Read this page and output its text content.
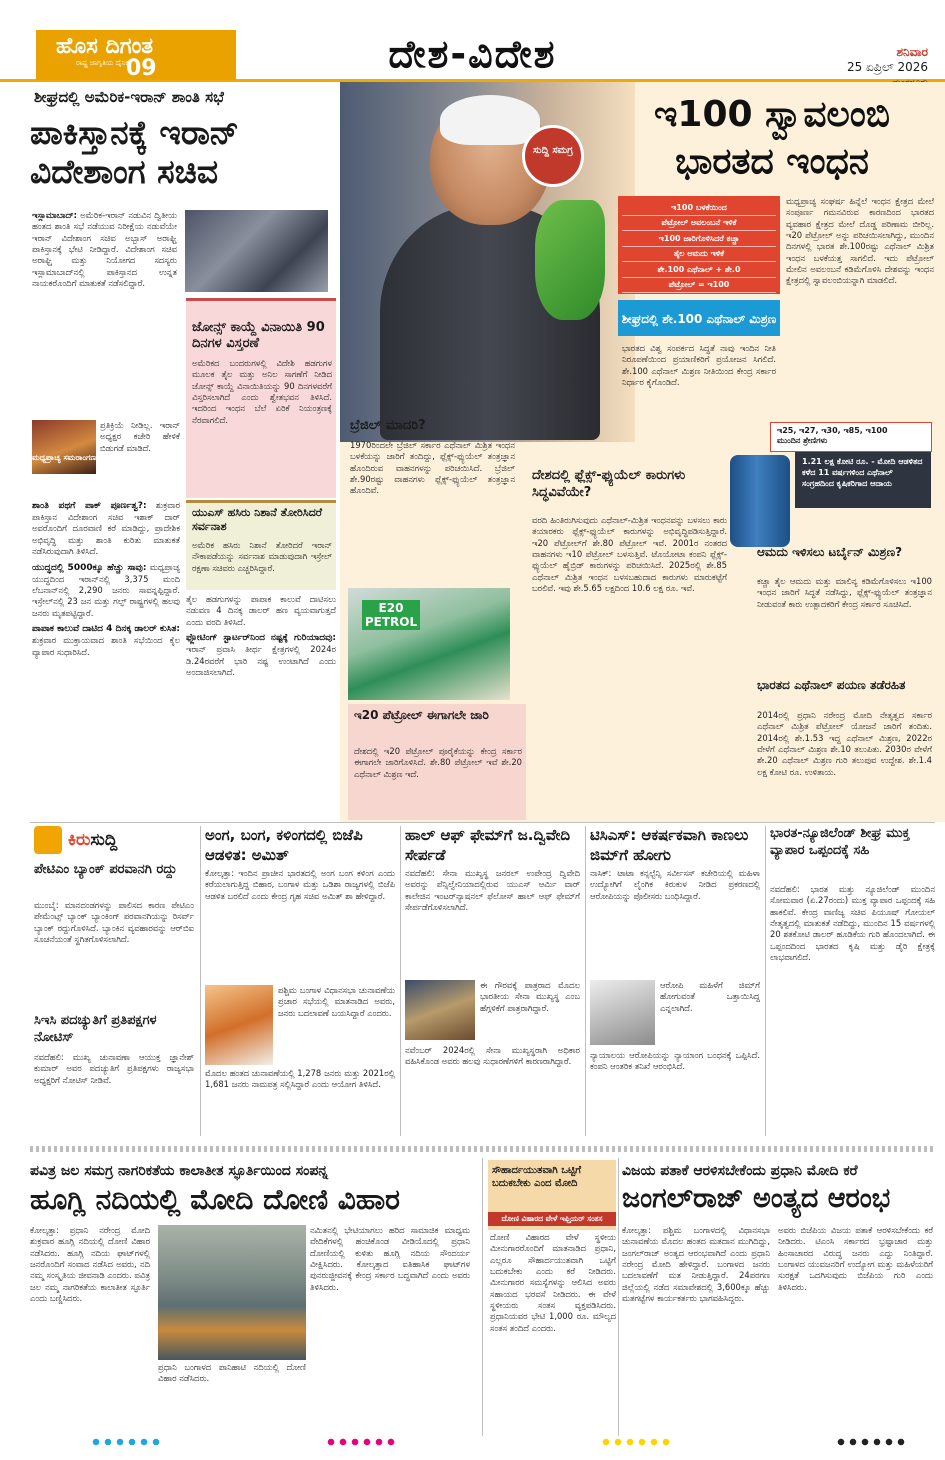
ಹೊಸ ದಿಗಂತ
ರಾಷ್ಟ್ರ ಜಾಗೃತಿಯ ದೈನಿಕ
09	ದೇಶ-ವಿದೇಶ	ಶನಿವಾರ
25 ಏಪ್ರಿಲ್ 2026
ಶೀಘ್ರದಲ್ಲಿ ಅಮೆರಿಕ-ಇರಾನ್ ಶಾಂತಿ ಸಭೆ
ಪಾಕಿಸ್ತಾನಕ್ಕೆ ಇರಾನ್
ವಿದೇಶಾಂಗ ಸಚಿವ

ಇಸ್ಲಾಮಾಬಾದ್: ಅಮೆರಿಕ-ಇರಾನ್ ನಡುವಿನ ದ್ವಿತೀಯ ಹಂತದ ಶಾಂತಿ ಸಭೆ ನಡೆಯುವ ನಿರೀಕ್ಷೆಯ ನಡುವೆಯೇ ಇರಾನ್ ವಿದೇಶಾಂಗ ಸಚಿವ ಅಬ್ಬಾಸ್ ಅರಾಘ್ಚಿ ಪಾಕಿಸ್ತಾನಕ್ಕೆ ಭೇಟಿ ನೀಡಿದ್ದಾರೆ. ವಿದೇಶಾಂಗ ಸಚಿವ ಅರಾಘ್ಚಿ ಮತ್ತು ನಿಯೋಗದ ಸದಸ್ಯರು ಇಸ್ಲಾಮಾಬಾದ್‌ನಲ್ಲಿ ಪಾಕಿಸ್ತಾನದ ಉನ್ನತ ನಾಯಕರೊಂದಿಗೆ ಮಾತುಕತೆ ನಡೆಸಲಿದ್ದಾರೆ.

ಮಧ್ಯಪ್ರಾಚ್ಯ ಸಮರಾಂಗಣ

ಪ್ರತಿಕ್ರಿಯೆ ನೀಡಿಲ್ಲ. ಇರಾನ್ ಅಧ್ಯಕ್ಷರ ಕಚೇರಿ ಹೇಳಿಕೆ ಬಿಡುಗಡೆ ಮಾಡಿದೆ.

ಶಾಂತಿ ಪಥಗೆ ಪಾಕ್ ಪೂರ್ಣತ್ವ?: ಶುಕ್ರವಾರ ಪಾಕಿಸ್ತಾನ ವಿದೇಶಾಂಗ ಸಚಿವ ಇಶಾಕ್ ದಾರ್ ಅವರೊಂದಿಗೆ ದೂರವಾಣಿ ಕರೆ ಮಾಡಿದ್ದು, ಪ್ರಾದೇಶಿಕ ಅಭಿವೃದ್ಧಿ ಮತ್ತು ಶಾಂತಿ ಕುರಿತು ಮಾತುಕತೆ ನಡೆಸಿರುವುದಾಗಿ ತಿಳಿಸಿದೆ.

ಯುದ್ಧದಲ್ಲಿ 5000ಕ್ಕೂ ಹೆಚ್ಚು ಸಾವು: ಮಧ್ಯಪ್ರಾಚ್ಯ ಯುದ್ಧದಿಂದ ಇರಾನ್‌ನಲ್ಲಿ 3,375 ಮಂದಿ ಲೆಬನಾನ್‌ನಲ್ಲಿ 2,290 ಜನರು ಸಾವನ್ನಪ್ಪಿದ್ದಾರೆ. ಇಸ್ರೇಲ್‌ನಲ್ಲಿ 23 ಜನ ಮತ್ತು ಗಲ್ಫ್ ರಾಷ್ಟ್ರಗಳಲ್ಲಿ ಹಲವು ಜನರು ಮೃತಪಟ್ಟಿದ್ದಾರೆ.

ಪಾಪಾಕ ಕಾಲುವೆ ದಾಟಿದ 4 ದಿನಕ್ಕ ಡಾಲರ್ ಕುಸಿತ: ಶುಕ್ರವಾರ ಮುಕ್ತಾಯವಾದ ಶಾಂತಿ ಸಭೆಯಿಂದ ಕೈಲ ವ್ಯಾಪಾರ ಸುಧಾರಿಸಿದೆ.

ಜೋನ್ಸ್ ಕಾಯ್ದೆ ವಿನಾಯಿತಿ 90 ದಿನಗಳ ವಿಸ್ತರಣೆ
ಅಮೆರಿಕದ ಬಂದರುಗಳಲ್ಲಿ ವಿದೇಶಿ ಹಡಗುಗಳ ಮೂಲಕ ತೈಲ ಮತ್ತು ಅನಿಲ ಸಾಗಣೆಗೆ ನೀಡಿದ ಜೋನ್ಸ್ ಕಾಯ್ದೆ ವಿನಾಯಿತಿಯನ್ನು 90 ದಿನಗಳವರೆಗೆ ವಿಸ್ತರಿಸಲಾಗಿದೆ ಎಂದು ಶ್ವೇತಭವನ ತಿಳಿಸಿದೆ. ಇದರಿಂದ ಇಂಧನ ಬೆಲೆ ಏರಿಕೆ ನಿಯಂತ್ರಣಕ್ಕೆ ನೆರವಾಗಲಿದೆ.
ಯುಎಸ್ ಹಸಿರು ನಿಶಾನೆ ತೋರಿಸಿದರೆ ಸರ್ವನಾಶ
ಅಮೆರಿಕ ಹಸಿರು ನಿಶಾನೆ ತೋರಿದರೆ ಇರಾನ್ ನೌಕಾಪಡೆಯನ್ನು ಸರ್ವನಾಶ ಮಾಡುವುದಾಗಿ ಇಸ್ರೇಲ್ ರಕ್ಷಣಾ ಸಚಿವರು ಎಚ್ಚರಿಸಿದ್ದಾರೆ.

ತೈಲ ಹಡಗುಗಳನ್ನು ಪಾಪಾಕ ಕಾಲುವೆ ದಾಟಿಸಲು ನಡುವಣ 4 ದಿನಕ್ಕ ಡಾಲರ್ ಹಣ ವ್ಯಯವಾಗುತ್ತದೆ ಎಂದು ವರದಿ ತಿಳಿಸಿದೆ.

ಫ್ಲೋಟಿಂಗ್ ಸ್ಟಾರ್ಟರ್‌ನಿಂದ ನಷ್ಟಕ್ಕೆ ಗುರಿಯಾದವು: ಇರಾನ್ ಪ್ರವಾಸಿ ತೀರ್ಥ ಕ್ಷೇತ್ರಗಳಲ್ಲಿ 2024ರ ಡಿ.24ರವರೆಗೆ ಭಾರಿ ನಷ್ಟ ಉಂಟಾಗಿದೆ ಎಂದು ಅಂದಾಜಿಸಲಾಗಿದೆ.

ಸುದ್ದಿ ಸಮಗ್ರ
ಇ100 ಸ್ವಾವಲಂಬಿ
ಭಾರತದ ಇಂಧನ
ಇ100 ಬಳಕೆಯಿಂದ
ಪೆಟ್ರೋಲ್ ಅವಲಂಬನೆ ಇಳಿಕೆ
ಇ100 ಜಾರಿಗೊಳಿಸಿದರೆ ಕಚ್ಚಾ
ತೈಲ ಆಮದು ಇಳಿಕೆ
ಶೇ.100 ಎಥೆನಾಲ್ + ಶೇ.0
ಪೆಟ್ರೋಲ್ = ಇ100
ಶೀಘ್ರದಲ್ಲಿ ಶೇ.100 ಎಥೆನಾಲ್ ಮಿಶ್ರಣ
ಭಾರತದ ವಿಶ್ವ ಸಂಪರ್ಕದ ಸಿದ್ಧತೆ ನಾವು ಇಂದಿನ ನೀತಿ ನಿರೂಪಣೆಯಿಂದ ಪ್ರಯಾಣಿಕರಿಗೆ ಪ್ರಯೋಜನ ಸಿಗಲಿದೆ. ಶೇ.100 ಎಥೆನಾಲ್ ಮಿಶ್ರಣ ನೀತಿಯಿಂದ ಕೇಂದ್ರ ಸರ್ಕಾರ ನಿರ್ಧಾರ ಕೈಗೊಂಡಿದೆ.
ಮಧ್ಯಪ್ರಾಚ್ಯ ಸಂಘರ್ಷ ಹಿನ್ನೆಲೆ ಇಂಧನ ಕ್ಷೇತ್ರದ ಮೇಲೆ ಸಂಪೂರ್ಣ ಗಮನವಿರುವ ಕಾರಣದಿಂದ ಭಾರತದ ವ್ಯವಹಾರ ಕ್ಷೇತ್ರದ ಮೇಲೆ ದೊಡ್ಡ ಪರಿಣಾಮ ಬೀರಿಲ್ಲ. ಇ20 ಪೆಟ್ರೋಲ್ ಅನ್ನು ಪರಿಚಯಿಸಲಾಗಿದ್ದು, ಮುಂದಿನ ದಿನಗಳಲ್ಲಿ ಭಾರತ ಶೇ.100ರಷ್ಟು ಎಥೆನಾಲ್ ಮಿಶ್ರಿತ ಇಂಧನ ಬಳಕೆಯತ್ತ ಸಾಗಲಿದೆ. ಇದು ಪೆಟ್ರೋಲ್ ಮೇಲಿನ ಅವಲಂಬನೆ ಕಡಿಮೆಗೊಳಿಸಿ ದೇಶವನ್ನು ಇಂಧನ ಕ್ಷೇತ್ರದಲ್ಲಿ ಸ್ವಾವಲಂಬಿಯನ್ನಾಗಿ ಮಾಡಲಿದೆ.
ಇ25, ಇ27, ಇ30, ಇ85, ಇ100
ಮುಂದಿನ ಶ್ರೇಣಿಗಳು
1.21 ಲಕ್ಷ ಕೋಟಿ ರೂ. - ಮೋದಿ ಆಡಳಿತದ ಕಳೆದ 11 ವರ್ಷಗಳಿಂದ ಎಥೆನಾಲ್ ಸಂಗ್ರಹದಿಂದ ಕೃಷಿಕರಿಗಾದ ಆದಾಯ
ಬ್ರೆಜಿಲ್ ಮಾದರಿ?
1970ರಿಂದಲೇ ಬ್ರೆಜಿಲ್ ಸರ್ಕಾರ ಎಥೆನಾಲ್ ಮಿಶ್ರಿತ ಇಂಧನ ಬಳಕೆಯನ್ನು ಜಾರಿಗೆ ತಂದಿದ್ದು, ಫ್ಲೆಕ್ಸ್-ಫ್ಯುಯೆಲ್ ತಂತ್ರಜ್ಞಾನ ಹೊಂದಿರುವ ವಾಹನಗಳನ್ನು ಪರಿಚಯಿಸಿದೆ. ಬ್ರೆಜಿಲ್ ಶೇ.90ರಷ್ಟು ವಾಹನಗಳು ಫ್ಲೆಕ್ಸ್-ಫ್ಯುಯೆಲ್ ತಂತ್ರಜ್ಞಾನ ಹೊಂದಿವೆ.
ದೇಶದಲ್ಲಿ ಫ್ಲೆಕ್ಸ್-ಫ್ಯುಯೆಲ್ ಕಾರುಗಳು ಸಿದ್ಧವಿವೆಯೇ?
ವರದಿ ಹಿಂತಿರುಗಿಸುವುದು ಎಥೆನಾಲ್-ಮಿಶ್ರಿತ ಇಂಧನವನ್ನು ಬಳಸಲು ಕಾರು ತಯಾರಕರು ಫ್ಲೆಕ್ಸ್-ಫ್ಯುಯೆಲ್ ಕಾರುಗಳನ್ನು ಅಭಿವೃದ್ಧಿಪಡಿಸುತ್ತಿದ್ದಾರೆ. ಇ20 ಪೆಟ್ರೋಲ್‌ಗೆ ಶೇ.80 ಪೆಟ್ರೋಲ್ ಇವೆ. 2001ರ ನಂತರದ ವಾಹನಗಳು ಇ10 ಪೆಟ್ರೋಲ್ ಬಳಸುತ್ತಿವೆ. ಟೊಯೋಟಾ ಕಂಪನಿ ಫ್ಲೆಕ್ಸ್-ಫ್ಯುಯೆಲ್ ಹೈಬ್ರಿಡ್ ಕಾರುಗಳನ್ನು ಪರಿಚಯಿಸಿದೆ. 2025ರಲ್ಲಿ ಶೇ.85 ಎಥೆನಾಲ್ ಮಿಶ್ರಿತ ಇಂಧನ ಬಳಸಬಹುದಾದ ಕಾರುಗಳು ಮಾರುಕಟ್ಟೆಗೆ ಬರಲಿವೆ. ಇವು ಶೇ.5.65 ಲಕ್ಷದಿಂದ 10.6 ಲಕ್ಷ ರೂ. ಇವೆ.
E20 PETROL
ಇ20 ಪೆಟ್ರೋಲ್ ಈಗಾಗಲೇ ಜಾರಿ
ದೇಶದಲ್ಲಿ ಇ20 ಪೆಟ್ರೋಲ್ ಪೂರೈಕೆಯನ್ನು ಕೇಂದ್ರ ಸರ್ಕಾರ ಈಗಾಗಲೇ ಜಾರಿಗೊಳಿಸಿದೆ. ಶೇ.80 ಪೆಟ್ರೋಲ್ ಇವೆ ಶೇ.20 ಎಥೆನಾಲ್ ಮಿಶ್ರಣ ಇದೆ.
ಆಮದು ಇಳಿಸಲು ಟರ್ಬೈನ್ ಮಿಶ್ರಣ?
ಕಚ್ಚಾ ತೈಲ ಆಮದು ಮತ್ತು ಮಾಲಿನ್ಯ ಕಡಿಮೆಗೊಳಿಸಲು ಇ100 ಇಂಧನ ಜಾರಿಗೆ ಸಿದ್ಧತೆ ನಡೆಸಿದ್ದು, ಫ್ಲೆಕ್ಸ್-ಫ್ಯುಯೆಲ್ ತಂತ್ರಜ್ಞಾನ ನೀಡುವಂತೆ ಕಾರು ಉತ್ಪಾದಕರಿಗೆ ಕೇಂದ್ರ ಸರ್ಕಾರ ಸೂಚಿಸಿದೆ.
ಭಾರತದ ಎಥೆನಾಲ್ ಪಯಣ ತಡೆರಹಿತ
2014ರಲ್ಲಿ ಪ್ರಧಾನಿ ನರೇಂದ್ರ ಮೋದಿ ನೇತೃತ್ವದ ಸರ್ಕಾರ ಎಥೆನಾಲ್ ಮಿಶ್ರಿತ ಪೆಟ್ರೋಲ್ ಯೋಜನೆ ಜಾರಿಗೆ ತಂದಿತು. 2014ರಲ್ಲಿ ಶೇ.1.53 ಇದ್ದ ಎಥೆನಾಲ್ ಮಿಶ್ರಣ, 2022ರ ವೇಳೆಗೆ ಎಥೆನಾಲ್ ಮಿಶ್ರಣ ಶೇ.10 ತಲುಪಿತು. 2030ರ ವೇಳೆಗೆ ಶೇ.20 ಎಥೆನಾಲ್ ಮಿಶ್ರಣ ಗುರಿ ತಲುಪುವ ಉದ್ದೇಶ. ಶೇ.1.4 ಲಕ್ಷ ಕೋಟಿ ರೂ. ಉಳಿತಾಯ.
ಕಿರುಸುದ್ದಿ
ಪೇಟಿಎಂ ಬ್ಯಾಂಕ್ ಪರವಾನಗಿ ರದ್ದು
ಮುಂಬೈ: ಮಾನದಂಡಗಳನ್ನು ಪಾಲಿಸದ ಕಾರಣ ಪೇಟಿಎಂ ಪೇಮೆಂಟ್ಸ್ ಬ್ಯಾಂಕ್ ಬ್ಯಾಂಕಿಂಗ್ ಪರವಾನಗಿಯನ್ನು ರಿಸರ್ವ್ ಬ್ಯಾಂಕ್ ರದ್ದುಗೊಳಿಸಿದೆ. ಬ್ಯಾಂಕಿನ ವ್ಯವಹಾರವನ್ನು ಆರ್‌ಬಿಐ ಸೂಚನೆಯಂತೆ ಸ್ಥಗಿತಗೊಳಿಸಲಾಗಿದೆ.
ಸಿಇಸಿ ಪದಚ್ಯುತಿಗೆ ಪ್ರತಿಪಕ್ಷಗಳ ನೋಟಿಸ್
ನವದೆಹಲಿ: ಮುಖ್ಯ ಚುನಾವಣಾ ಆಯುಕ್ತ ಜ್ಞಾನೇಶ್ ಕುಮಾರ್ ಅವರ ಪದಚ್ಯುತಿಗೆ ಪ್ರತಿಪಕ್ಷಗಳು ರಾಜ್ಯಸಭಾ ಅಧ್ಯಕ್ಷರಿಗೆ ನೋಟಿಸ್ ನೀಡಿವೆ.
ಅಂಗ, ಬಂಗ, ಕಳಿಂಗದಲ್ಲಿ ಬಿಜೆಪಿ ಆಡಳಿತ: ಅಮಿತ್
ಕೋಲ್ಕತ್ತಾ: ಇಂದಿನ ಪ್ರಾಚೀನ ಭಾರತದಲ್ಲಿ ಅಂಗ ಬಂಗ ಕಳಿಂಗ ಎಂದು ಕರೆಯಲಾಗುತ್ತಿದ್ದ ಬಿಹಾರ, ಬಂಗಾಳ ಮತ್ತು ಒಡಿಶಾ ರಾಜ್ಯಗಳಲ್ಲಿ ಬಿಜೆಪಿ ಆಡಳಿತ ಬರಲಿದೆ ಎಂದು ಕೇಂದ್ರ ಗೃಹ ಸಚಿವ ಅಮಿತ್ ಶಾ ಹೇಳಿದ್ದಾರೆ.
ಪಶ್ಚಿಮ ಬಂಗಾಳ ವಿಧಾನಸಭಾ ಚುನಾವಣೆಯ ಪ್ರಚಾರ ಸಭೆಯಲ್ಲಿ ಮಾತನಾಡಿದ ಅವರು, ಜನರು ಬದಲಾವಣೆ ಬಯಸಿದ್ದಾರೆ ಎಂದರು.
ಮೊದಲ ಹಂತದ ಚುನಾವಣೆಯಲ್ಲಿ 1,278 ಜನರು ಮತ್ತು 2021ರಲ್ಲಿ 1,681 ಜನರು ನಾಮಪತ್ರ ಸಲ್ಲಿಸಿದ್ದಾರೆ ಎಂದು ಆಯೋಗ ತಿಳಿಸಿದೆ.
ಹಾಲ್ ಆಫ್ ಫೇಮ್‌ಗೆ ಜ.ದ್ವಿವೇದಿ ಸೇರ್ಪಡೆ
ನವದೆಹಲಿ: ಸೇನಾ ಮುಖ್ಯಸ್ಥ ಜನರಲ್ ಉಪೇಂದ್ರ ದ್ವಿವೇದಿ ಅವರನ್ನು ಪೆನ್ಸಿಲ್ವೇನಿಯಾದಲ್ಲಿರುವ ಯುಎಸ್ ಆರ್ಮಿ ವಾರ್ ಕಾಲೇಜಿನ ಇಂಟರ್‌ನ್ಯಾಷನಲ್ ಫೆಲೋಸ್ ಹಾಲ್ ಆಫ್ ಫೇಮ್‌ಗೆ ಸೇರ್ಪಡೆಗೊಳಿಸಲಾಗಿದೆ.
ಈ ಗೌರವಕ್ಕೆ ಪಾತ್ರರಾದ ಮೊದಲ ಭಾರತೀಯ ಸೇನಾ ಮುಖ್ಯಸ್ಥ ಎಂಬ ಹೆಗ್ಗಳಿಕೆಗೆ ಪಾತ್ರರಾಗಿದ್ದಾರೆ.
ನವೆಂಬರ್ 2024ರಲ್ಲಿ ಸೇನಾ ಮುಖ್ಯಸ್ಥರಾಗಿ ಅಧಿಕಾರ ವಹಿಸಿಕೊಂಡ ಅವರು ಹಲವು ಸುಧಾರಣೆಗಳಿಗೆ ಕಾರಣರಾಗಿದ್ದಾರೆ.
ಟಿಸಿಎಸ್: ಆಕರ್ಷಕವಾಗಿ ಕಾಣಲು ಜಿಮ್‌ಗೆ ಹೋಗು
ನಾಸಿಕ್: ಟಾಟಾ ಕನ್ಸಲ್ಟೆನ್ಸಿ ಸರ್ವೀಸಸ್ ಕಚೇರಿಯಲ್ಲಿ ಮಹಿಳಾ ಉದ್ಯೋಗಿಗೆ ಲೈಂಗಿಕ ಕಿರುಕುಳ ನೀಡಿದ ಪ್ರಕರಣದಲ್ಲಿ ಆರೋಪಿಯನ್ನು ಪೊಲೀಸರು ಬಂಧಿಸಿದ್ದಾರೆ.
ಆರೋಪಿ ಮಹಿಳೆಗೆ ಜಿಮ್‌ಗೆ ಹೋಗುವಂತೆ ಒತ್ತಾಯಿಸಿದ್ದ ಎನ್ನಲಾಗಿದೆ.
ನ್ಯಾಯಾಲಯ ಆರೋಪಿಯನ್ನು ನ್ಯಾಯಾಂಗ ಬಂಧನಕ್ಕೆ ಒಪ್ಪಿಸಿದೆ. ಕಂಪನಿ ಆಂತರಿಕ ತನಿಖೆ ಆರಂಭಿಸಿದೆ.
ಭಾರತ-ನ್ಯೂಜಿಲೆಂಡ್ ಶೀಘ್ರ ಮುಕ್ತ ವ್ಯಾಪಾರ ಒಪ್ಪಂದಕ್ಕೆ ಸಹಿ
ನವದೆಹಲಿ: ಭಾರತ ಮತ್ತು ನ್ಯೂಜಿಲೆಂಡ್ ಮುಂದಿನ ಸೋಮವಾರ (ಏ.27ರಂದು) ಮುಕ್ತ ವ್ಯಾಪಾರ ಒಪ್ಪಂದಕ್ಕೆ ಸಹಿ ಹಾಕಲಿವೆ. ಕೇಂದ್ರ ವಾಣಿಜ್ಯ ಸಚಿವ ಪಿಯೂಷ್ ಗೋಯಲ್ ನೇತೃತ್ವದಲ್ಲಿ ಮಾತುಕತೆ ನಡೆದಿದ್ದು, ಮುಂದಿನ 15 ವರ್ಷಗಳಲ್ಲಿ 20 ಶತಕೋಟಿ ಡಾಲರ್ ಹೂಡಿಕೆಯ ಗುರಿ ಹೊಂದಲಾಗಿದೆ. ಈ ಒಪ್ಪಂದದಿಂದ ಭಾರತದ ಕೃಷಿ ಮತ್ತು ಡೈರಿ ಕ್ಷೇತ್ರಕ್ಕೆ ಲಾಭವಾಗಲಿದೆ.
ಪವಿತ್ರ ಜಲ ಸಮಗ್ರ ನಾಗರಿಕತೆಯ ಕಾಲಾತೀತ ಸ್ಫೂರ್ತಿಯಿಂದ ಸಂಪನ್ನ
ಹೂಗ್ಲಿ ನದಿಯಲ್ಲಿ ಮೋದಿ ದೋಣಿ ವಿಹಾರ
ಕೋಲ್ಕತ್ತಾ: ಪ್ರಧಾನಿ ನರೇಂದ್ರ ಮೋದಿ ಶುಕ್ರವಾರ ಹೂಗ್ಲಿ ನದಿಯಲ್ಲಿ ದೋಣಿ ವಿಹಾರ ನಡೆಸಿದರು. ಹೂಗ್ಲಿ ನದಿಯ ಘಾಟ್‌ಗಳಲ್ಲಿ ಜನರೊಂದಿಗೆ ಸಂವಾದ ನಡೆಸಿದ ಅವರು, ನದಿ ನಮ್ಮ ಸಂಸ್ಕೃತಿಯ ಜೀವನಾಡಿ ಎಂದರು. ಪವಿತ್ರ ಜಲ ನಮ್ಮ ನಾಗರಿಕತೆಯ ಕಾಲಾತೀತ ಸ್ಫೂರ್ತಿ ಎಂದು ಬಣ್ಣಿಸಿದರು.
ಪ್ರಧಾನಿ ಬಂಗಾಳದ ಪಾನಿಹಾಟಿ ನದಿಯಲ್ಲಿ ದೋಣಿ ವಿಹಾರ ನಡೆಸಿದರು.
ನಮಿತನಲ್ಲಿ ಭೇಟಿಯಾಗಲು ಹರಿದ ಸಾಮಾಜಿಕ ಮಾಧ್ಯಮ ವೇದಿಕೆಗಳಲ್ಲಿ ಹಂಚಿಕೊಂಡ ವೀಡಿಯೊದಲ್ಲಿ ಪ್ರಧಾನಿ ದೋಣಿಯಲ್ಲಿ ಕುಳಿತು ಹೂಗ್ಲಿ ನದಿಯ ಸೌಂದರ್ಯ ವೀಕ್ಷಿಸಿದರು. ಕೋಲ್ಕತ್ತಾದ ಐತಿಹಾಸಿಕ ಘಾಟ್‌ಗಳ ಪುನರುಜ್ಜೀವನಕ್ಕೆ ಕೇಂದ್ರ ಸರ್ಕಾರ ಬದ್ಧವಾಗಿದೆ ಎಂದು ಅವರು ತಿಳಿಸಿದರು.
ಸೌಹಾರ್ದಯುತವಾಗಿ ಒಟ್ಟಿಗೆ ಬದುಕಬೇಕು ಎಂದ ಮೋದಿ
ದೋಣಿ ವಿಹಾರದ ವೇಳೆ ಇಫ್ತಿಯರ್ ಸಂತಸ
ದೋಣಿ ವಿಹಾರದ ವೇಳೆ ಸ್ಥಳೀಯ ಮೀನುಗಾರರೊಂದಿಗೆ ಮಾತನಾಡಿದ ಪ್ರಧಾನಿ, ಎಲ್ಲರೂ ಸೌಹಾರ್ದಯುತವಾಗಿ ಒಟ್ಟಿಗೆ ಬದುಕಬೇಕು ಎಂದು ಕರೆ ನೀಡಿದರು. ಮೀನುಗಾರರ ಸಮಸ್ಯೆಗಳನ್ನು ಆಲಿಸಿದ ಅವರು ಸಹಾಯದ ಭರವಸೆ ನೀಡಿದರು. ಈ ವೇಳೆ ಸ್ಥಳೀಯರು ಸಂತಸ ವ್ಯಕ್ತಪಡಿಸಿದರು. ಪ್ರಧಾನಿಯವರ ಭೇಟಿ 1,000 ರೂ. ಮೌಲ್ಯದ ಸಂತಸ ತಂದಿದೆ ಎಂದರು.
ವಿಜಯ ಪತಾಕೆ ಆರಳಿಸಬೇಕೆಂದು ಪ್ರಧಾನಿ ಮೋದಿ ಕರೆ
ಜಂಗಲ್‌ರಾಜ್ ಅಂತ್ಯದ ಆರಂಭ
ಕೋಲ್ಕತ್ತಾ: ಪಶ್ಚಿಮ ಬಂಗಾಳದಲ್ಲಿ ವಿಧಾನಸಭಾ ಚುನಾವಣೆಯ ಮೊದಲ ಹಂತದ ಮತದಾನ ಮುಗಿದಿದ್ದು, ಜಂಗಲ್‌ರಾಜ್ ಅಂತ್ಯದ ಆರಂಭವಾಗಿದೆ ಎಂದು ಪ್ರಧಾನಿ ನರೇಂದ್ರ ಮೋದಿ ಹೇಳಿದ್ದಾರೆ. ಬಂಗಾಳದ ಜನರು ಬದಲಾವಣೆಗೆ ಮತ ನೀಡುತ್ತಿದ್ದಾರೆ. 24ಪರಗಣ ಜಿಲ್ಲೆಯಲ್ಲಿ ನಡೆದ ಸಮಾವೇಶದಲ್ಲಿ 3,600ಕ್ಕೂ ಹೆಚ್ಚು ಮತಗಟ್ಟೆಗಳ ಕಾರ್ಯಕರ್ತರು ಭಾಗವಹಿಸಿದ್ದರು.
ಅವರು ಬಿಜೆಪಿಯ ವಿಜಯ ಪತಾಕೆ ಆರಳಿಸಬೇಕೆಂದು ಕರೆ ನೀಡಿದರು. ಟಿಎಂಸಿ ಸರ್ಕಾರದ ಭ್ರಷ್ಟಾಚಾರ ಮತ್ತು ಹಿಂಸಾಚಾರದ ವಿರುದ್ಧ ಜನರು ಎದ್ದು ನಿಂತಿದ್ದಾರೆ. ಬಂಗಾಳದ ಯುವಜನರಿಗೆ ಉದ್ಯೋಗ ಮತ್ತು ಮಹಿಳೆಯರಿಗೆ ಸುರಕ್ಷತೆ ಒದಗಿಸುವುದು ಬಿಜೆಪಿಯ ಗುರಿ ಎಂದು ತಿಳಿಸಿದರು.
